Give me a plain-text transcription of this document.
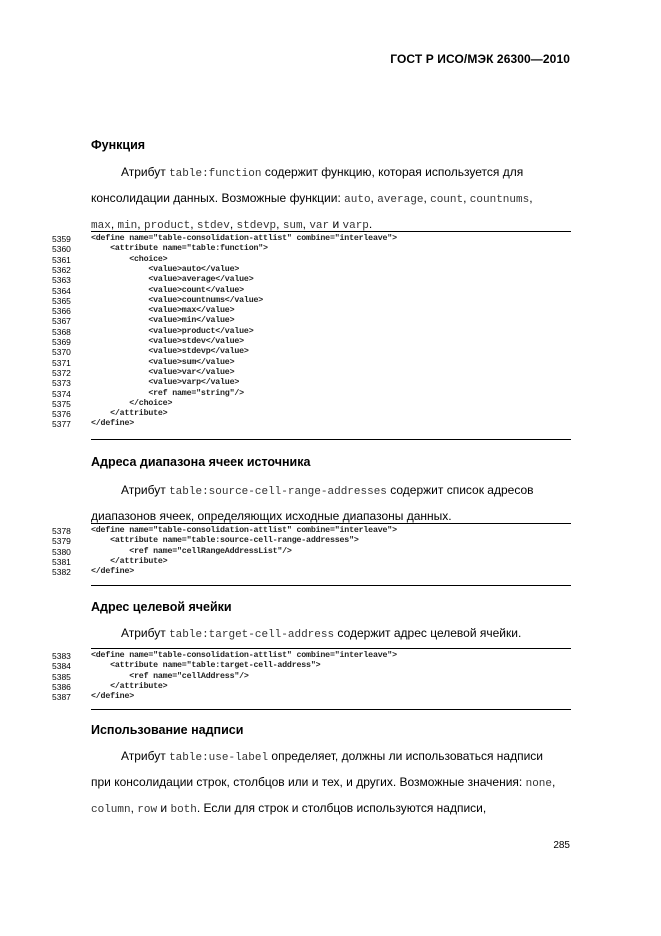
ГОСТ Р ИСО/МЭК 26300—2010
Функция
Атрибут table:function содержит функцию, которая используется для
консолидации данных. Возможные функции: auto, average, count, countnums,
max, min, product, stdev, stdevp, sum, var и varp.
5359	<define name="table-consolidation-attlist" combine="interleave">
5360	<attribute name="table:function">
5361	<choice>
5362	<value>auto</value>
5363	<value>average</value>
5364	<value>count</value>
5365	<value>countnums</value>
5366	<value>max</value>
5367	<value>min</value>
5368	<value>product</value>
5369	<value>stdev</value>
5370	<value>stdevp</value>
5371	<value>sum</value>
5372	<value>var</value>
5373	<value>varp</value>
5374	<ref name="string"/>
5375	</choice>
5376	</attribute>
5377	</define>
Адреса диапазона ячеек источника
Атрибут table:source-cell-range-addresses содержит список адресов
диапазонов ячеек, определяющих исходные диапазоны данных.
5378	<define name="table-consolidation-attlist" combine="interleave">
5379	<attribute name="table:source-cell-range-addresses">
5380	<ref name="cellRangeAddressList"/>
5381	</attribute>
5382	</define>
Адрес целевой ячейки
Атрибут table:target-cell-address содержит адрес целевой ячейки.
5383	<define name="table-consolidation-attlist" combine="interleave">
5384	<attribute name="table:target-cell-address">
5385	<ref name="cellAddress"/>
5386	</attribute>
5387	</define>
Использование надписи
Атрибут table:use-label определяет, должны ли использоваться надписи
при консолидации строк, столбцов или и тех, и других. Возможные значения: none,
column, row и both. Если для строк и столбцов используются надписи,
285
